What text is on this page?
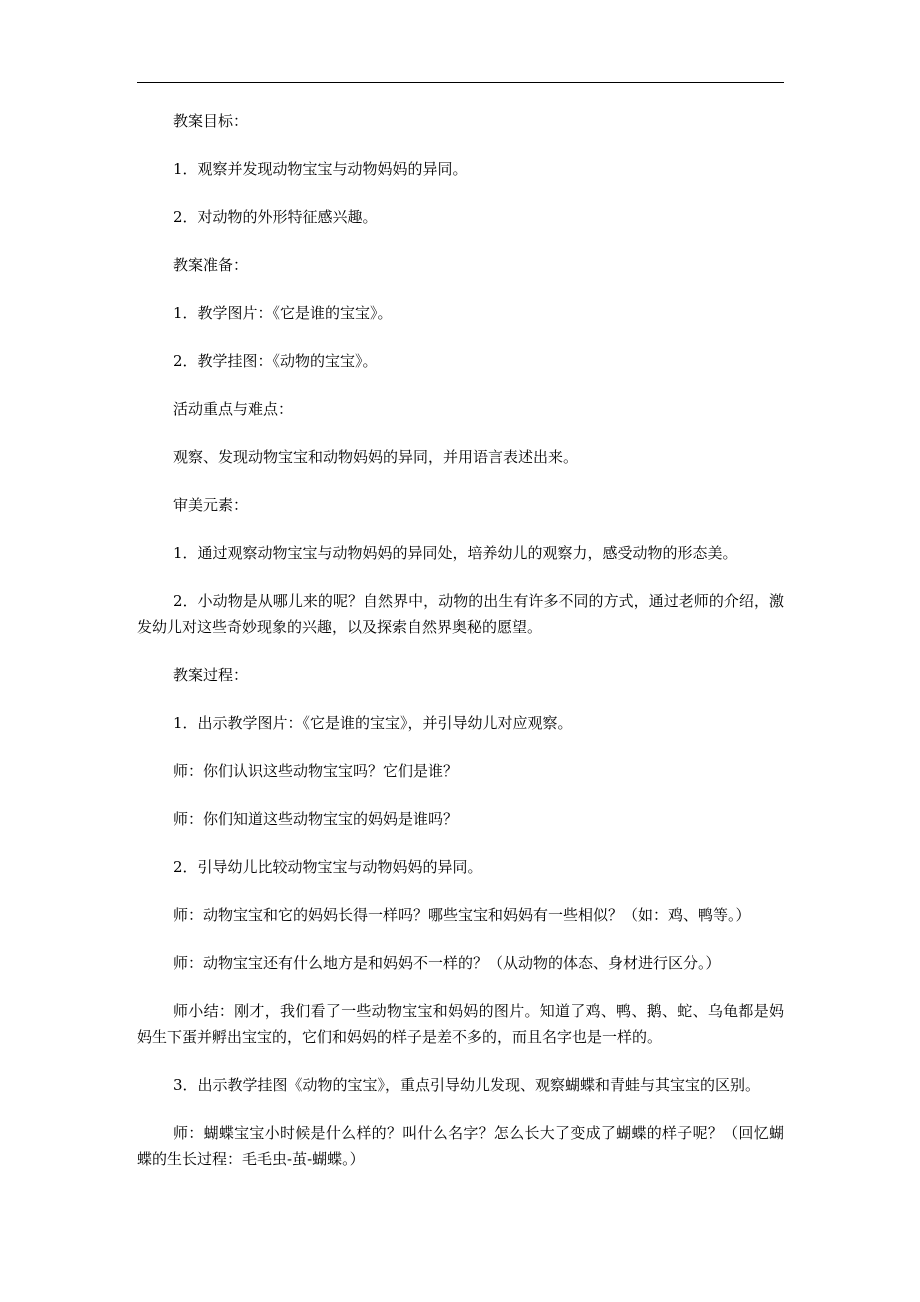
教案目标：

1．观察并发现动物宝宝与动物妈妈的异同。

2．对动物的外形特征感兴趣。

教案准备：

1．教学图片：《它是谁的宝宝》。

2．教学挂图：《动物的宝宝》。

活动重点与难点：

观察、发现动物宝宝和动物妈妈的异同，并用语言表述出来。

审美元素：

1．通过观察动物宝宝与动物妈妈的异同处，培养幼儿的观察力，感受动物的形态美。

2．小动物是从哪儿来的呢？自然界中，动物的出生有许多不同的方式，通过老师的介绍，激发幼儿对这些奇妙现象的兴趣，以及探索自然界奥秘的愿望。

教案过程：

1．出示教学图片：《它是谁的宝宝》，并引导幼儿对应观察。

师：你们认识这些动物宝宝吗？它们是谁？

师：你们知道这些动物宝宝的妈妈是谁吗？

2．引导幼儿比较动物宝宝与动物妈妈的异同。

师：动物宝宝和它的妈妈长得一样吗？哪些宝宝和妈妈有一些相似？（如：鸡、鸭等。）

师：动物宝宝还有什么地方是和妈妈不一样的？（从动物的体态、身材进行区分。）

师小结：刚才，我们看了一些动物宝宝和妈妈的图片。知道了鸡、鸭、鹅、蛇、乌龟都是妈妈生下蛋并孵出宝宝的，它们和妈妈的样子是差不多的，而且名字也是一样的。

3．出示教学挂图《动物的宝宝》，重点引导幼儿发现、观察蝴蝶和青蛙与其宝宝的区别。

师：蝴蝶宝宝小时候是什么样的？叫什么名字？怎么长大了变成了蝴蝶的样子呢？（回忆蝴蝶的生长过程：毛毛虫-茧-蝴蝶。）
